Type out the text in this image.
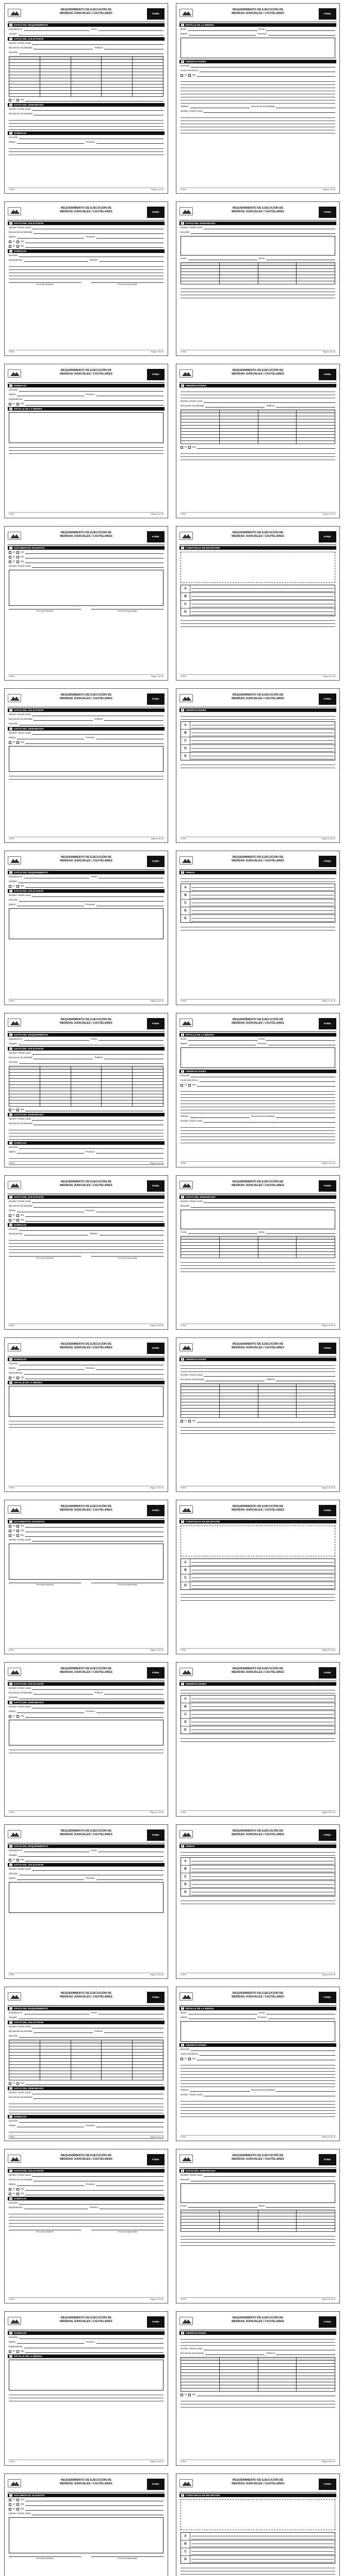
REQUERIMIENTO DE EJECUCIÓN DE
MEDIDAS JUDICIALES / CAUTELARES	FORM.
1	DATOS DEL REQUERIMIENTO
Expediente N°	Fecha
Juzgado
2	DATOS DEL SOLICITANTE
Nombre / Razón social
Documento de identidad	Teléfono
Domicilio

SÍ	NO
3	DATOS DEL DEMANDADO
Nombre / Razón social
Documento de identidad
4	DOMICILIO
Domicilio
Distrito	Provincia
FORM.	Página 1 de 38
REQUERIMIENTO DE EJECUCIÓN DE
MEDIDAS JUDICIALES / CAUTELARES	FORM.
5	DETALLE DE LA MEDIDA
Monto	Fecha
Distrito	Provincia
6	OBSERVACIONES
Domicilio
Correo electrónico
SÍ	NO
Teléfono	Documento de identidad
Nombre / Razón social
FORM.	Página 2 de 38
REQUERIMIENTO DE EJECUCIÓN DE
MEDIDAS JUDICIALES / CAUTELARES	FORM.
2	DATOS DEL SOLICITANTE
Nombre / Razón social
Documento de identidad
Distrito	Provincia
SÍ	NO
SÍ	NO
4	DOMICILIO
Domicilio
Departamento	Teléfono
Firma del solicitante	Firma del responsable
FORM.	Página 3 de 38
REQUERIMIENTO DE EJECUCIÓN DE
MEDIDAS JUDICIALES / CAUTELARES	FORM.
3	DATOS DEL DEMANDADO
Nombre / Razón social
Domicilio
Fecha	Monto

FORM.	Página 4 de 38
REQUERIMIENTO DE EJECUCIÓN DE
MEDIDAS JUDICIALES / CAUTELARES	FORM.
4	DOMICILIO
Domicilio
Distrito	Provincia
Departamento
SÍ	NO
5	DETALLE DE LA MEDIDA
FORM.	Página 5 de 38
REQUERIMIENTO DE EJECUCIÓN DE
MEDIDAS JUDICIALES / CAUTELARES	FORM.
6	OBSERVACIONES
Nombre / Razón social
Documento de identidad	Teléfono

SÍ	NO
FORM.	Página 6 de 38
REQUERIMIENTO DE EJECUCIÓN DE
MEDIDAS JUDICIALES / CAUTELARES	FORM.
7	DOCUMENTOS ADJUNTOS
SÍ	NO
SÍ	NO
SÍ	NO
Nombre / Razón social
Firma del solicitante	Firma del responsable
FORM.	Página 7 de 38
REQUERIMIENTO DE EJECUCIÓN DE
MEDIDAS JUDICIALES / CAUTELARES	FORM.
9	CONSTANCIA DE RECEPCIÓN
A
B
C
D
FORM.	Página 8 de 38
REQUERIMIENTO DE EJECUCIÓN DE
MEDIDAS JUDICIALES / CAUTELARES	FORM.
2	DATOS DEL SOLICITANTE
Nombre / Razón social
Documento de identidad	Teléfono
Domicilio
3	DATOS DEL DEMANDADO
Nombre / Razón social
Distrito	Provincia
SÍ	NO
FORM.	Página 9 de 38
REQUERIMIENTO DE EJECUCIÓN DE
MEDIDAS JUDICIALES / CAUTELARES	FORM.
6	OBSERVACIONES
A
B
C
D
E
FORM.	Página 10 de 38
REQUERIMIENTO DE EJECUCIÓN DE
MEDIDAS JUDICIALES / CAUTELARES	FORM.
1	DATOS DEL REQUERIMIENTO
Expediente N°	Fecha
Juzgado
SÍ	NO
2	DATOS DEL SOLICITANTE
Nombre / Razón social
Domicilio
Distrito	Provincia
FORM.	Página 11 de 38
REQUERIMIENTO DE EJECUCIÓN DE
MEDIDAS JUDICIALES / CAUTELARES	FORM.
8	FIRMAS
A
B
C
D
E
FORM.	Página 12 de 38
REQUERIMIENTO DE EJECUCIÓN DE
MEDIDAS JUDICIALES / CAUTELARES	FORM.
1	DATOS DEL REQUERIMIENTO
Expediente N°	Fecha
Juzgado
2	DATOS DEL SOLICITANTE
Nombre / Razón social
Documento de identidad	Teléfono
Domicilio

SÍ	NO
3	DATOS DEL DEMANDADO
Nombre / Razón social
Documento de identidad
4	DOMICILIO
Domicilio
Distrito	Provincia
FORM.	Página 13 de 38
REQUERIMIENTO DE EJECUCIÓN DE
MEDIDAS JUDICIALES / CAUTELARES	FORM.
5	DETALLE DE LA MEDIDA
Monto	Fecha
Distrito	Provincia
6	OBSERVACIONES
Domicilio
Correo electrónico
SÍ	NO
Teléfono	Documento de identidad
Nombre / Razón social
FORM.	Página 14 de 38
REQUERIMIENTO DE EJECUCIÓN DE
MEDIDAS JUDICIALES / CAUTELARES	FORM.
2	DATOS DEL SOLICITANTE
Nombre / Razón social
Documento de identidad
Distrito	Provincia
SÍ	NO
SÍ	NO
4	DOMICILIO
Domicilio
Departamento	Teléfono
Firma del solicitante	Firma del responsable
FORM.	Página 15 de 38
REQUERIMIENTO DE EJECUCIÓN DE
MEDIDAS JUDICIALES / CAUTELARES	FORM.
3	DATOS DEL DEMANDADO
Nombre / Razón social
Domicilio
Fecha	Monto

FORM.	Página 16 de 38
REQUERIMIENTO DE EJECUCIÓN DE
MEDIDAS JUDICIALES / CAUTELARES	FORM.
4	DOMICILIO
Domicilio
Distrito	Provincia
Departamento
SÍ	NO
5	DETALLE DE LA MEDIDA
FORM.	Página 17 de 38
REQUERIMIENTO DE EJECUCIÓN DE
MEDIDAS JUDICIALES / CAUTELARES	FORM.
6	OBSERVACIONES
Nombre / Razón social
Documento de identidad	Teléfono

SÍ	NO
FORM.	Página 18 de 38
REQUERIMIENTO DE EJECUCIÓN DE
MEDIDAS JUDICIALES / CAUTELARES	FORM.
7	DOCUMENTOS ADJUNTOS
SÍ	NO
SÍ	NO
SÍ	NO
Nombre / Razón social
Firma del solicitante	Firma del responsable
FORM.	Página 19 de 38
REQUERIMIENTO DE EJECUCIÓN DE
MEDIDAS JUDICIALES / CAUTELARES	FORM.
9	CONSTANCIA DE RECEPCIÓN
A
B
C
D
FORM.	Página 20 de 38
REQUERIMIENTO DE EJECUCIÓN DE
MEDIDAS JUDICIALES / CAUTELARES	FORM.
2	DATOS DEL SOLICITANTE
Nombre / Razón social
Documento de identidad	Teléfono
Domicilio
3	DATOS DEL DEMANDADO
Nombre / Razón social
Distrito	Provincia
SÍ	NO
FORM.	Página 21 de 38
REQUERIMIENTO DE EJECUCIÓN DE
MEDIDAS JUDICIALES / CAUTELARES	FORM.
6	OBSERVACIONES
A
B
C
D
E
FORM.	Página 22 de 38
REQUERIMIENTO DE EJECUCIÓN DE
MEDIDAS JUDICIALES / CAUTELARES	FORM.
1	DATOS DEL REQUERIMIENTO
Expediente N°	Fecha
Juzgado
SÍ	NO
2	DATOS DEL SOLICITANTE
Nombre / Razón social
Domicilio
Distrito	Provincia
FORM.	Página 23 de 38
REQUERIMIENTO DE EJECUCIÓN DE
MEDIDAS JUDICIALES / CAUTELARES	FORM.
8	FIRMAS
A
B
C
D
E
FORM.	Página 24 de 38
REQUERIMIENTO DE EJECUCIÓN DE
MEDIDAS JUDICIALES / CAUTELARES	FORM.
1	DATOS DEL REQUERIMIENTO
Expediente N°	Fecha
Juzgado
2	DATOS DEL SOLICITANTE
Nombre / Razón social
Documento de identidad	Teléfono
Domicilio

SÍ	NO
3	DATOS DEL DEMANDADO
Nombre / Razón social
Documento de identidad
4	DOMICILIO
Domicilio
Distrito	Provincia
FORM.	Página 25 de 38
REQUERIMIENTO DE EJECUCIÓN DE
MEDIDAS JUDICIALES / CAUTELARES	FORM.
5	DETALLE DE LA MEDIDA
Monto	Fecha
Distrito	Provincia
6	OBSERVACIONES
Domicilio
Correo electrónico
SÍ	NO
Teléfono	Documento de identidad
Nombre / Razón social
FORM.	Página 26 de 38
REQUERIMIENTO DE EJECUCIÓN DE
MEDIDAS JUDICIALES / CAUTELARES	FORM.
2	DATOS DEL SOLICITANTE
Nombre / Razón social
Documento de identidad
Distrito	Provincia
SÍ	NO
SÍ	NO
4	DOMICILIO
Domicilio
Departamento	Teléfono
Firma del solicitante	Firma del responsable
FORM.	Página 27 de 38
REQUERIMIENTO DE EJECUCIÓN DE
MEDIDAS JUDICIALES / CAUTELARES	FORM.
3	DATOS DEL DEMANDADO
Nombre / Razón social
Domicilio
Fecha	Monto

FORM.	Página 28 de 38
REQUERIMIENTO DE EJECUCIÓN DE
MEDIDAS JUDICIALES / CAUTELARES	FORM.
4	DOMICILIO
Domicilio
Distrito	Provincia
Departamento
SÍ	NO
5	DETALLE DE LA MEDIDA
FORM.	Página 29 de 38
REQUERIMIENTO DE EJECUCIÓN DE
MEDIDAS JUDICIALES / CAUTELARES	FORM.
6	OBSERVACIONES
Nombre / Razón social
Documento de identidad	Teléfono

SÍ	NO
FORM.	Página 30 de 38
REQUERIMIENTO DE EJECUCIÓN DE
MEDIDAS JUDICIALES / CAUTELARES	FORM.
7	DOCUMENTOS ADJUNTOS
SÍ	NO
SÍ	NO
SÍ	NO
Nombre / Razón social
Firma del solicitante	Firma del responsable
REQUERIMIENTO DE EJECUCIÓN DE
MEDIDAS JUDICIALES / CAUTELARES	FORM.
9	CONSTANCIA DE RECEPCIÓN
A
B
C
D
